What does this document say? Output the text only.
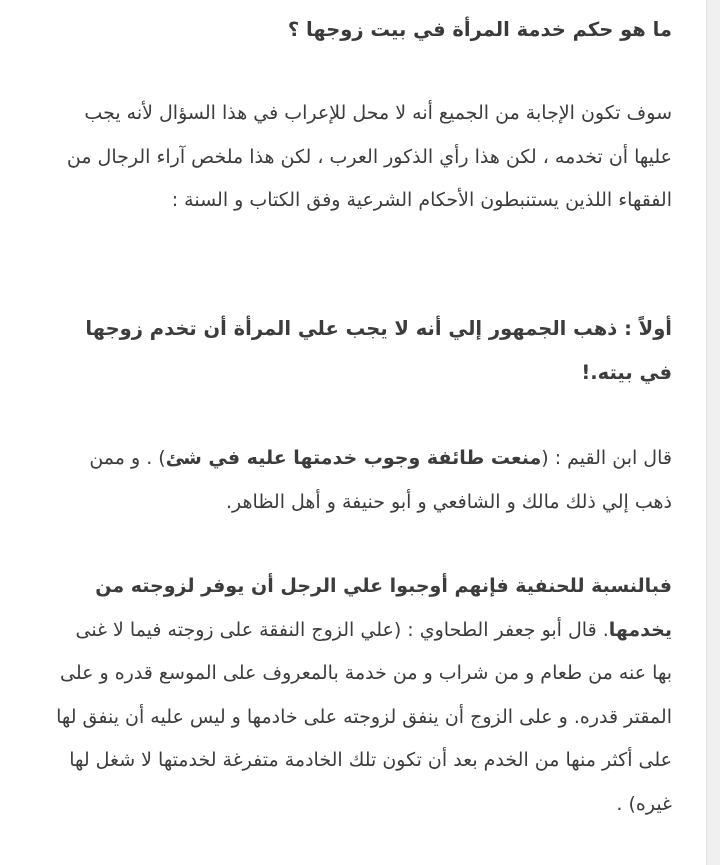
ما هو حكم خدمة المرأة في بيت زوجها ؟

سوف تكون الإجابة من الجميع أنه لا محل للإعراب في هذا السؤال لأنه يجب عليها أن تخدمه ، لكن هذا رأي الذكور العرب ، لكن هذا ملخص آراء الرجال من الفقهاء اللذين يستنبطون الأحكام الشرعية وفق الكتاب و السنة :

أولاً : ذهب الجمهور إلي أنه لا يجب علي المرأة أن تخدم زوجها في بيته.!

قال ابن القيم : (منعت طائفة وجوب خدمتها عليه في شئ) . و ممن ذهب إلي ذلك مالك و الشافعي و أبو حنيفة و أهل الظاهر.

فبالنسبة للحنفية فإنهم أوجبوا علي الرجل أن يوفر لزوجته من يخدمها. قال أبو جعفر الطحاوي : (علي الزوج النفقة على زوجته فيما لا غنى بها عنه من طعام و من شراب و من خدمة بالمعروف على الموسع قدره و على المقتر قدره. و على الزوج أن ينفق لزوجته على خادمها و ليس عليه أن ينفق لها على أكثر منها من الخدم بعد أن تكون تلك الخادمة متفرغة لخدمتها لا شغل لها غيره) .
